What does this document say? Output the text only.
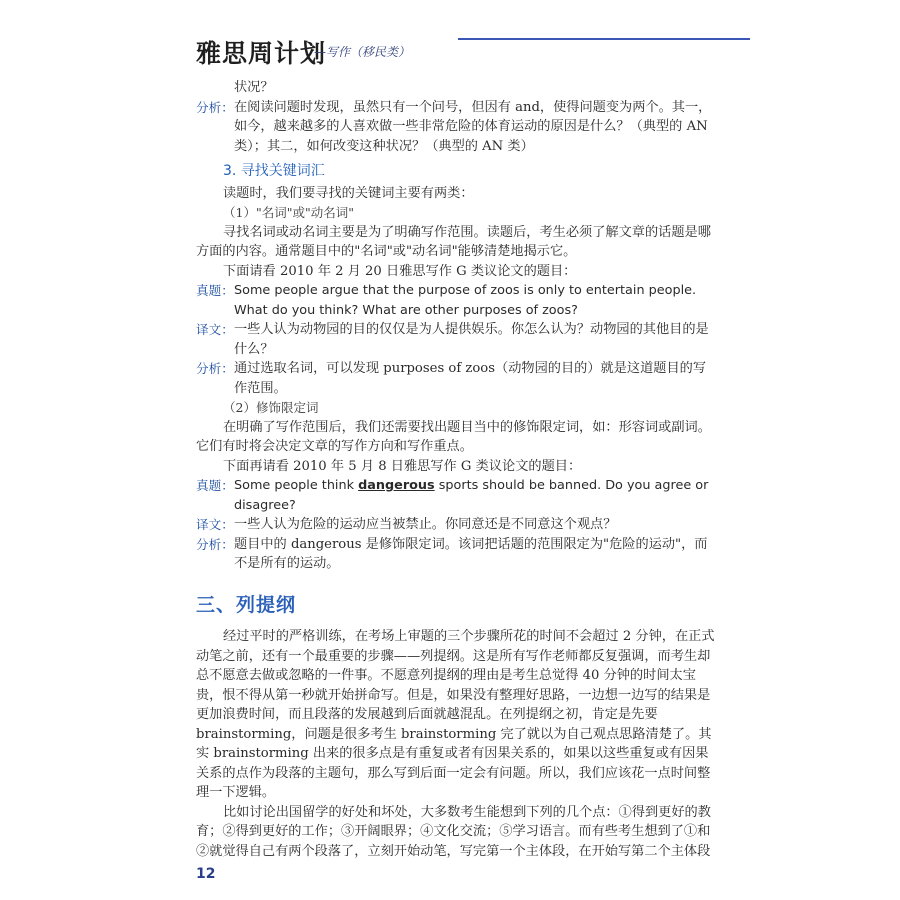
雅思周计划
—写作（移民类）

状况？

分析： 在阅读问题时发现，虽然只有一个问号，但因有 and，使得问题变为两个。其一，如今，越来越多的人喜欢做一些非常危险的体育运动的原因是什么？（典型的 AN 类）；其二，如何改变这种状况？（典型的 AN 类）
3. 寻找关键词汇

读题时，我们要寻找的关键词主要有两类：

（1）"名词"或"动名词"

寻找名词或动名词主要是为了明确写作范围。读题后，考生必须了解文章的话题是哪方面的内容。通常题目中的"名词"或"动名词"能够清楚地揭示它。

下面请看 2010 年 2 月 20 日雅思写作 G 类议论文的题目：

真题： Some people argue that the purpose of zoos is only to entertain people. What do you think? What are other purposes of zoos?
译文： 一些人认为动物园的目的仅仅是为人提供娱乐。你怎么认为？动物园的其他目的是什么？
分析： 通过选取名词，可以发现 purposes of zoos（动物园的目的）就是这道题目的写作范围。

（2）修饰限定词

在明确了写作范围后，我们还需要找出题目当中的修饰限定词，如：形容词或副词。它们有时将会决定文章的写作方向和写作重点。

下面再请看 2010 年 5 月 8 日雅思写作 G 类议论文的题目：

真题： Some people think dangerous sports should be banned. Do you agree or disagree?
译文： 一些人认为危险的运动应当被禁止。你同意还是不同意这个观点？
分析： 题目中的 dangerous 是修饰限定词。该词把话题的范围限定为"危险的运动"，而不是所有的运动。
三、列提纲

经过平时的严格训练，在考场上审题的三个步骤所花的时间不会超过 2 分钟，在正式动笔之前，还有一个最重要的步骤——列提纲。这是所有写作老师都反复强调，而考生却总不愿意去做或忽略的一件事。不愿意列提纲的理由是考生总觉得 40 分钟的时间太宝贵，恨不得从第一秒就开始拼命写。但是，如果没有整理好思路，一边想一边写的结果是更加浪费时间，而且段落的发展越到后面就越混乱。在列提纲之初，肯定是先要 brainstorming，问题是很多考生 brainstorming 完了就以为自己观点思路清楚了。其实 brainstorming 出来的很多点是有重复或者有因果关系的，如果以这些重复或有因果关系的点作为段落的主题句，那么写到后面一定会有问题。所以，我们应该花一点时间整理一下逻辑。

比如讨论出国留学的好处和坏处，大多数考生能想到下列的几个点：①得到更好的教育；②得到更好的工作；③开阔眼界；④文化交流；⑤学习语言。而有些考生想到了①和②就觉得自己有两个段落了，立刻开始动笔，写完第一个主体段，在开始写第二个主体段

12
